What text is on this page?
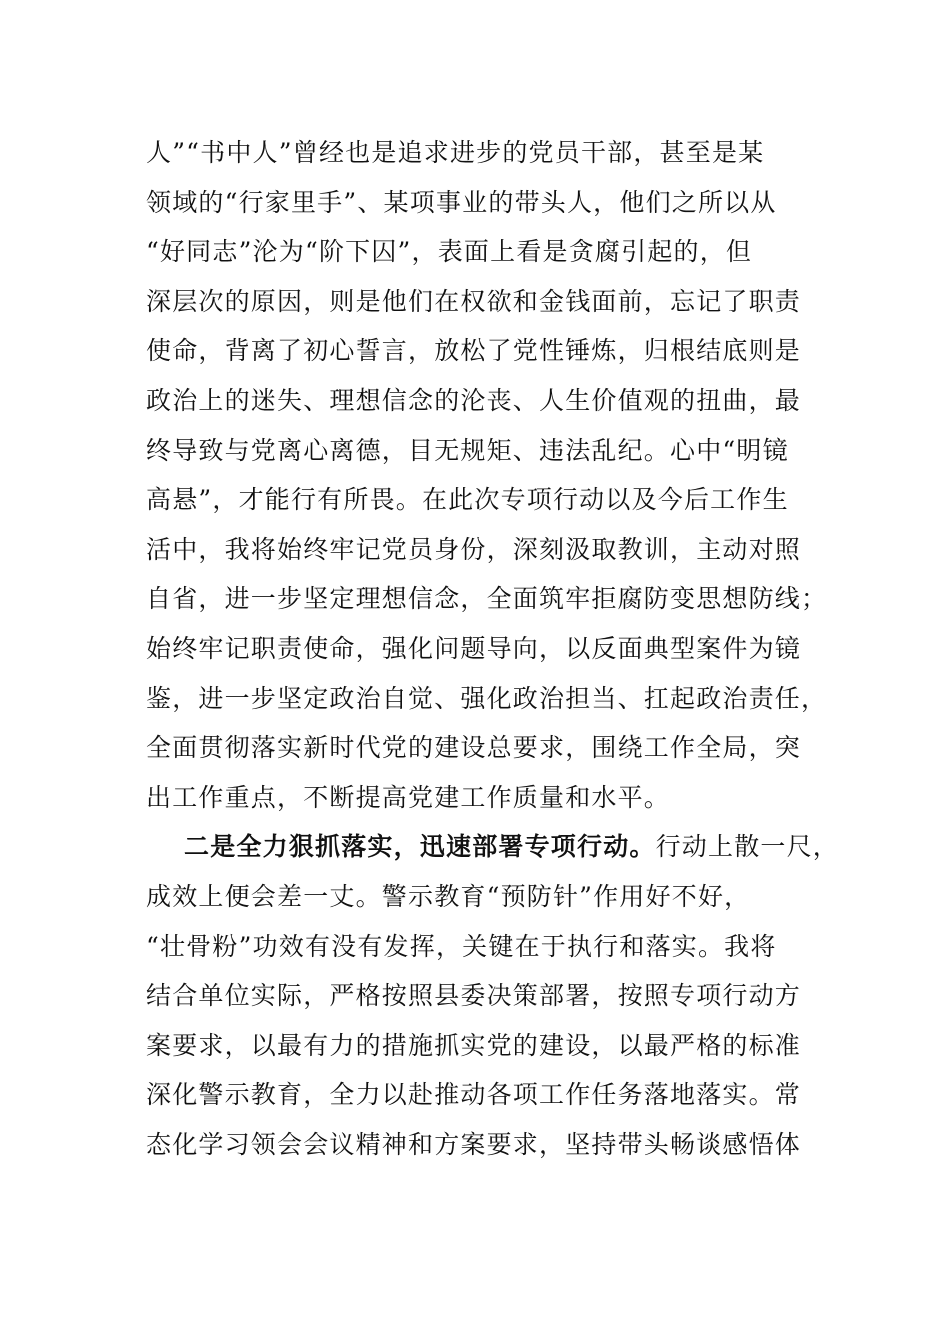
人”“书中人”曾经也是追求进步的党员干部，甚至是某
领域的“行家里手”、某项事业的带头人，他们之所以从
“好同志”沦为“阶下囚”，表面上看是贪腐引起的，但
深层次的原因，则是他们在权欲和金钱面前，忘记了职责
使命，背离了初心誓言，放松了党性锤炼，归根结底则是
政治上的迷失、理想信念的沦丧、人生价值观的扭曲，最
终导致与党离心离德，目无规矩、违法乱纪。心中“明镜
高悬”，才能行有所畏。在此次专项行动以及今后工作生
活中，我将始终牢记党员身份，深刻汲取教训，主动对照
自省，进一步坚定理想信念，全面筑牢拒腐防变思想防线；
始终牢记职责使命，强化问题导向，以反面典型案件为镜
鉴，进一步坚定政治自觉、强化政治担当、扛起政治责任，
全面贯彻落实新时代党的建设总要求，围绕工作全局，突
出工作重点，不断提高党建工作质量和水平。
二是全力狠抓落实，迅速部署专项行动。行动上散一尺，
成效上便会差一丈。警示教育“预防针”作用好不好，
“壮骨粉”功效有没有发挥，关键在于执行和落实。我将
结合单位实际，严格按照县委决策部署，按照专项行动方
案要求，以最有力的措施抓实党的建设，以最严格的标准
深化警示教育，全力以赴推动各项工作任务落地落实。常
态化学习领会会议精神和方案要求，坚持带头畅谈感悟体
